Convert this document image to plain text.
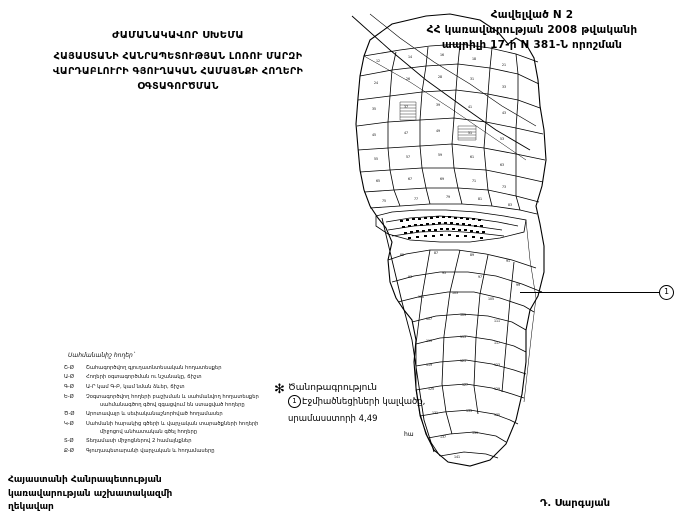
Հավելված N 2
ՀՀ կառավարության 2008 թվականի
ապրիլի 17-ի N 381-Ն որոշման
ԺԱՄԱՆԱԿԱՎՈՐ ՍԽԵՄԱ
ՀԱՅԱՍՏԱՆԻ ՀԱՆՐԱՊԵՏՈՒԹՅԱՆ ԼՈՌՈՒ ՄԱՐԶԻ
ՎԱՐԴԱԲԼՈՒՐԻ ԳՅՈՒՂԱԿԱՆ ՀԱՄԱՅՆՔԻ ՀՈՂԵՐԻ
ՕԳՏԱԳՈՐԾՄԱՆ
12
14	16
18
21
24
26	28	31
33
35	37	39	41
43
45	47	49	51
53
55	57	59	61
63
65	67	69	71
73
75	77	79	81
83
85	87	89
91
93
95
97
99
101
103
105
107
109
111
113
115
117
119
121
123
125
127
129
131	133
135
137
139
141
1
Սահմանանիշ հողեր`
Շ-Ø	Շահագործվող գյուղատնտեսական հողատեսքեր
Ա-Ø	Հողերի օգտագործման ու նշանակը, ճիշտ
Գ-Ø	Ա-Ր կամ Գ-Բ, կամ նման ձևեր, ճիշտ
Ե-Ø	Չօգտագործվող հողերի բաշխման և սահմանվող հողատեսքեր
սահմանագծող գծով զգացվում են ստացված հողերը
Ծ-Ø	Արոտավայր և սեփականաշնորհված հողամասեր
Կ-Ø	Սահմանի հարակից գծերի և վարչական տարածքների հողերի
միջոցով անհատական գծել հողերը
Տ-Ø	Տեղամասի միջոցներով 2 համայնքներ
Ք-Ø	Գյուղապետարանի վարչական և հողամասերը
✻ Ծանոթագրություն
1 Էջմիածնեցիների կալվածք,
սրամասստորի 4,49
հա
Հայաստանի Հանրապետության
կառավարության աշխատակազմի
ղեկավար	Դ. Սարգսյան
